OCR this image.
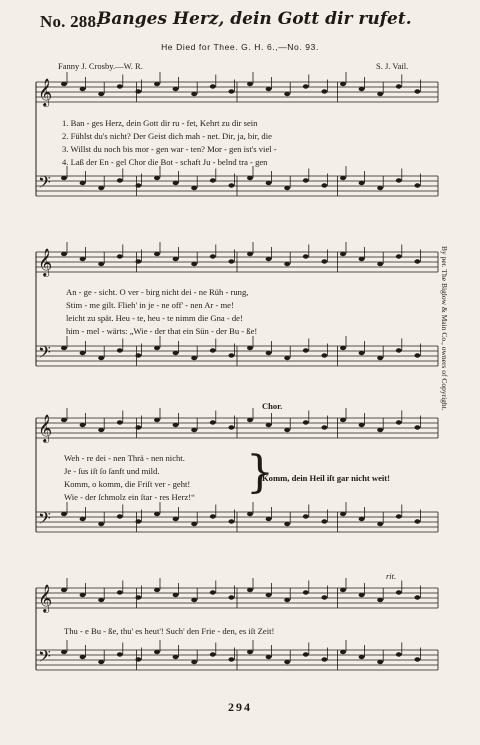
No. 288.
Banges Herz, dein Gott dir rufet.
He Died for Thee. G. H. 6.,—No. 93.
Fanny J. Crosby.—W. R.	S. J. Vail.
𝄞
𝄢
𝄞
𝄢
𝄞
𝄢
𝄞
𝄢
1. Ban - ges Herz, dein Gott dir ru - fet, Kehrt zu dir sein
2. Fühlst du's nicht? Der Geist dich mah - net. Dir, ja, bir, die
3. Willst du noch bis mor - gen war - ten? Mor - gen ist's viel -
4. Laß der En - gel Chor die Bot - schaft Ju - belnd tra - gen
An - ge - sicht. O ver - birg nicht dei - ne Rüh - rung,
Stim - me gilt. Flieh' in je - ne off' - nen Ar - me!
leicht zu spät. Heu - te, heu - te nimm die Gna - de!
him - mel - wärts: „Wie - der that ein Sün - der Bu - ße!
Chor.
Weh - re dei - nen Thrä - nen nicht.
Je - ſus iſt ſo ſanft und mild.
Komm, o komm, die Friſt ver - geht!
Wie - der ſchmolz ein ſtar - res Herz!“ }
Komm, dein Heil iſt gar nicht weit!
rit.
Thu - e Bu - ße, thu' es heut'! Such' den Frie - den, es iſt Zeit!
By per. The Biglow & Main Co., owners of Copyright.
294
